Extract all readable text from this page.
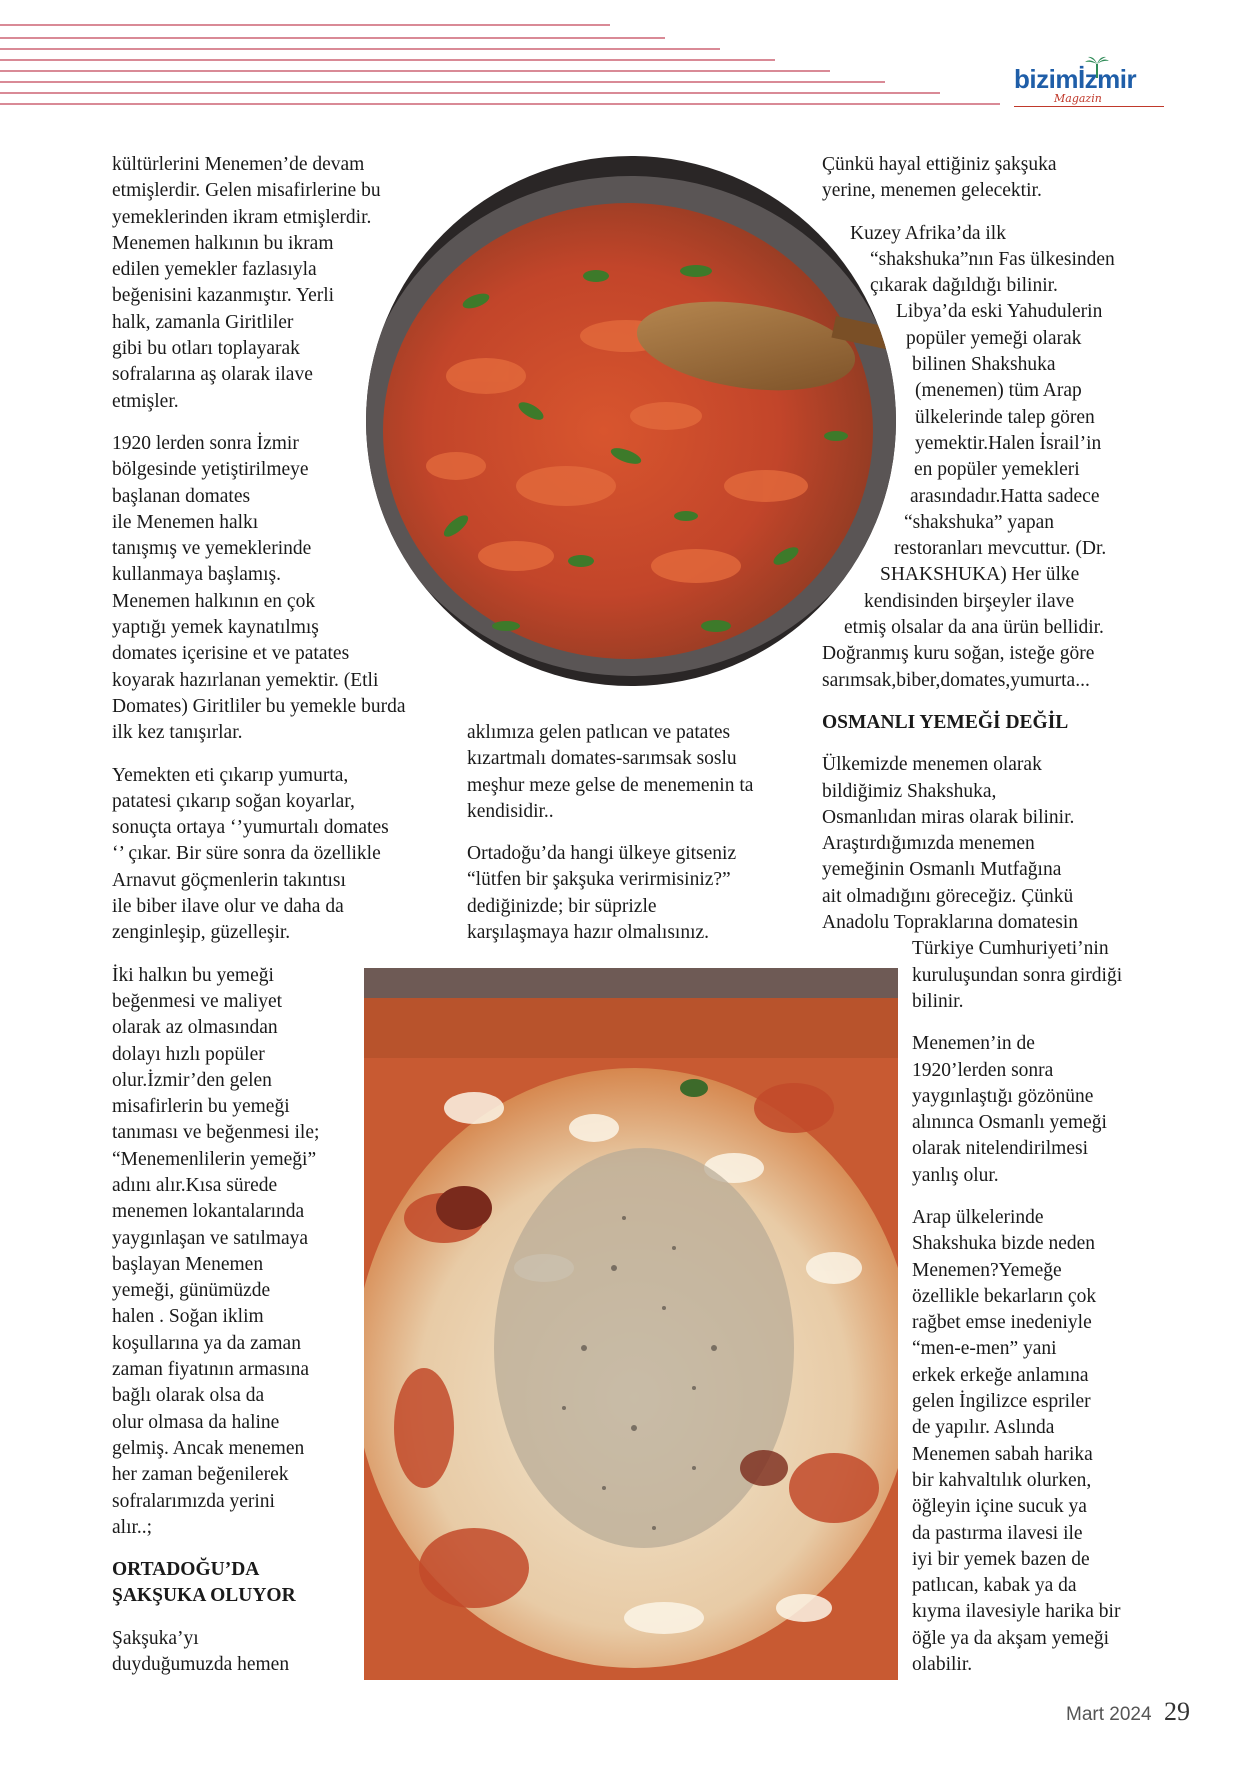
bizimİzmir
Magazin

kültürlerini Menemen’de devam
etmişlerdir. Gelen misafirlerine bu
yemeklerinden ikram etmişlerdir.
Menemen halkının bu ikram
edilen yemekler fazlasıyla
beğenisini kazanmıştır. Yerli
halk, zamanla Giritliler
gibi bu otları toplayarak
sofralarına aş olarak ilave
etmişler.

1920 lerden sonra İzmir
bölgesinde yetiştirilmeye
başlanan domates
ile Menemen halkı
tanışmış ve yemeklerinde
kullanmaya başlamış.
Menemen halkının en çok
yaptığı yemek kaynatılmış
domates içerisine et ve patates
koyarak hazırlanan yemektir. (Etli
Domates) Giritliler bu yemekle burda
ilk kez tanışırlar.

Yemekten eti çıkarıp yumurta,
patatesi çıkarıp soğan koyarlar,
sonuçta ortaya ‘’yumurtalı domates
‘’ çıkar. Bir süre sonra da özellikle
Arnavut göçmenlerin takıntısı
ile biber ilave olur ve daha da
zenginleşip, güzelleşir.

İki halkın bu yemeği
beğenmesi ve maliyet
olarak az olmasından
dolayı hızlı popüler
olur.İzmir’den gelen
misafirlerin bu yemeği
tanıması ve beğenmesi ile;
“Menemenlilerin yemeği”
adını alır.Kısa sürede
menemen lokantalarında
yaygınlaşan ve satılmaya
başlayan Menemen
yemeği, günümüzde
halen . Soğan iklim
koşullarına ya da zaman
zaman fiyatının armasına
bağlı olarak olsa da
olur olmasa da haline
gelmiş. Ancak menemen
her zaman beğenilerek
sofralarımızda yerini
alır..;

ORTADOĞU’DA
ŞAKŞUKA OLUYOR

Şakşuka’yı
duyduğumuzda hemen

aklımıza gelen patlıcan ve patates
kızartmalı domates-sarımsak soslu
meşhur meze gelse de menemenin ta
kendisidir..

Ortadoğu’da hangi ülkeye gitseniz
“lütfen bir şakşuka verirmisiniz?”
dediğinizde; bir süprizle
karşılaşmaya hazır olmalısınız.

Çünkü hayal ettiğiniz şakşuka
yerine, menemen gelecektir.

Kuzey Afrika’da ilk
“shakshuka”nın Fas ülkesinden
çıkarak dağıldığı bilinir.
Libya’da eski Yahudulerin
popüler yemeği olarak
bilinen Shakshuka
(menemen) tüm Arap
ülkelerinde talep gören
yemektir.Halen İsrail’in
en popüler yemekleri
arasındadır.Hatta sadece
“shakshuka” yapan
restoranları mevcuttur. (Dr.
SHAKSHUKA) Her ülke
kendisinden birşeyler ilave
etmiş olsalar da ana ürün bellidir.
Doğranmış kuru soğan, isteğe göre
sarımsak,biber,domates,yumurta...

OSMANLI YEMEĞİ DEĞİL

Ülkemizde menemen olarak
bildiğimiz Shakshuka,
Osmanlıdan miras olarak bilinir.
Araştırdığımızda menemen
yemeğinin Osmanlı Mutfağına
ait olmadığını göreceğiz. Çünkü
Anadolu Topraklarına domatesin
Türkiye Cumhuriyeti’nin
kuruluşundan sonra girdiği
bilinir.

Menemen’in de
1920’lerden sonra
yaygınlaştığı gözönüne
alınınca Osmanlı yemeği
olarak nitelendirilmesi
yanlış olur.

Arap ülkelerinde
Shakshuka bizde neden
Menemen?Yemeğe
özellikle bekarların çok
rağbet emse inedeniyle
“men-e-men” yani
erkek erkeğe anlamına
gelen İngilizce espriler
de yapılır. Aslında
Menemen sabah harika
bir kahvaltılık olurken,
öğleyin içine sucuk ya
da pastırma ilavesi ile
iyi bir yemek bazen de
patlıcan, kabak ya da
kıyma ilavesiyle harika bir
öğle ya da akşam yemeği
olabilir.

Mart 2024 29
